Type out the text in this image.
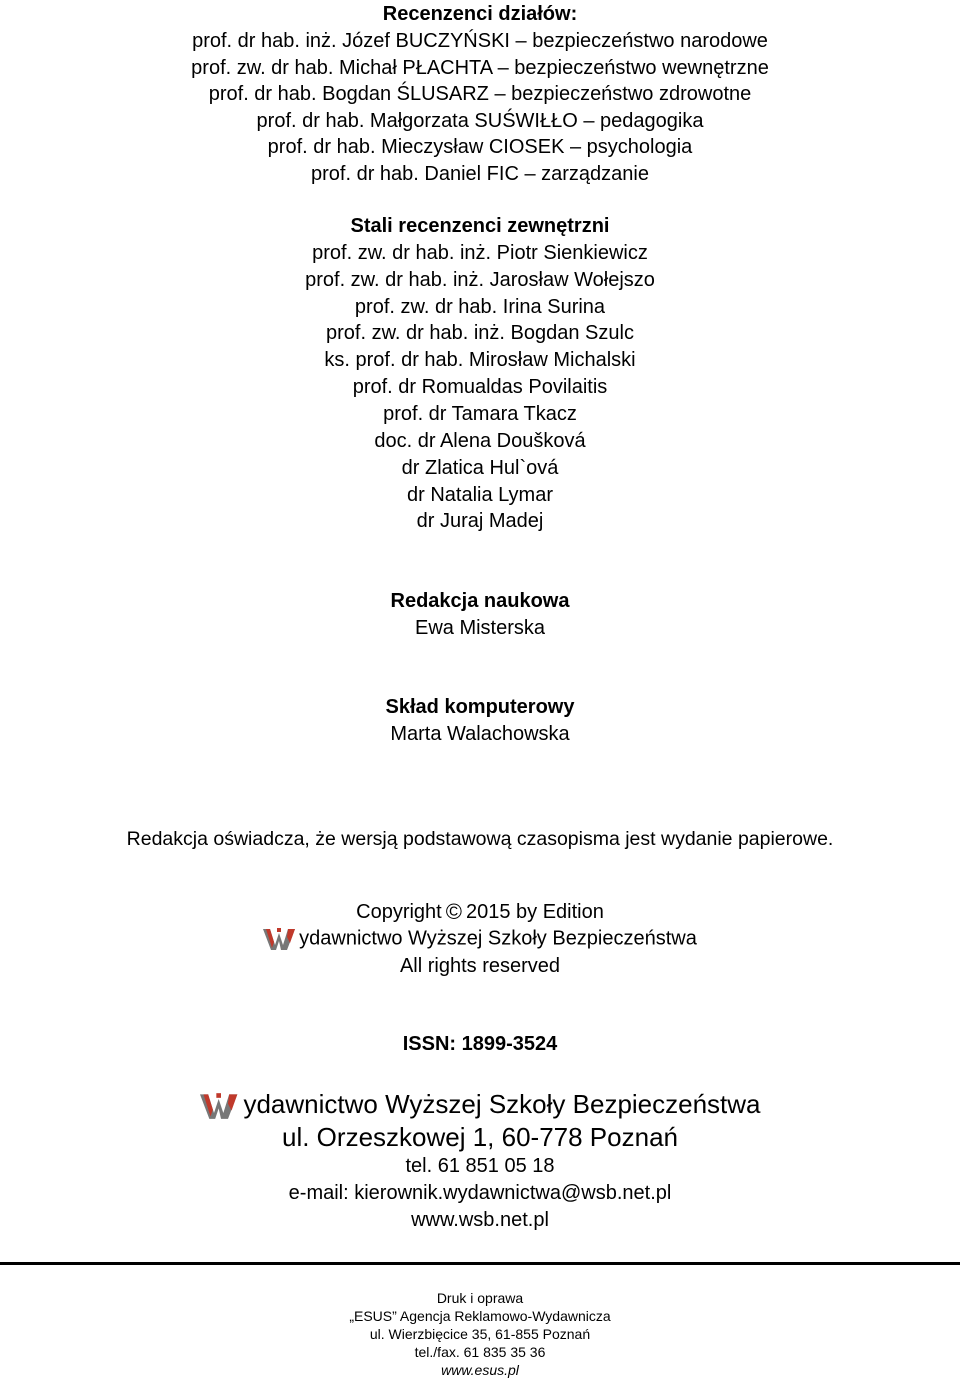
Recenzenci działów:
prof. dr hab. inż. Józef BUCZYŃSKI – bezpieczeństwo narodowe
prof. zw. dr hab. Michał PŁACHTA – bezpieczeństwo wewnętrzne
prof. dr hab. Bogdan ŚLUSARZ – bezpieczeństwo zdrowotne
prof. dr hab. Małgorzata SUŚWIŁŁO – pedagogika
prof. dr hab. Mieczysław CIOSEK – psychologia
prof. dr hab. Daniel FIC – zarządzanie
Stali recenzenci zewnętrzni
prof. zw. dr hab. inż. Piotr Sienkiewicz
prof. zw. dr hab. inż. Jarosław Wołejszo
prof. zw. dr hab. Irina Surina
prof. zw. dr hab. inż. Bogdan Szulc
ks. prof. dr hab. Mirosław Michalski
prof. dr Romualdas Povilaitis
prof. dr Tamara Tkacz
doc. dr Alena Doušková
dr Zlatica Hul`ová
dr Natalia Lymar
dr Juraj Madej
Redakcja naukowa
Ewa Misterska
Skład komputerowy
Marta Walachowska
Redakcja oświadcza, że wersją podstawową czasopisma jest wydanie papierowe.
Copyright © 2015 by Edition
ydawnictwo Wyższej Szkoły Bezpieczeństwa
All rights reserved
ISSN: 1899-3524
ydawnictwo Wyższej Szkoły Bezpieczeństwa
ul. Orzeszkowej 1, 60-778 Poznań
tel. 61 851 05 18
e-mail: kierownik.wydawnictwa@wsb.net.pl
www.wsb.net.pl
Druk i oprawa
„ESUS” Agencja Reklamowo-Wydawnicza
ul. Wierzbięcice 35, 61-855 Poznań
tel./fax. 61 835 35 36
www.esus.pl
